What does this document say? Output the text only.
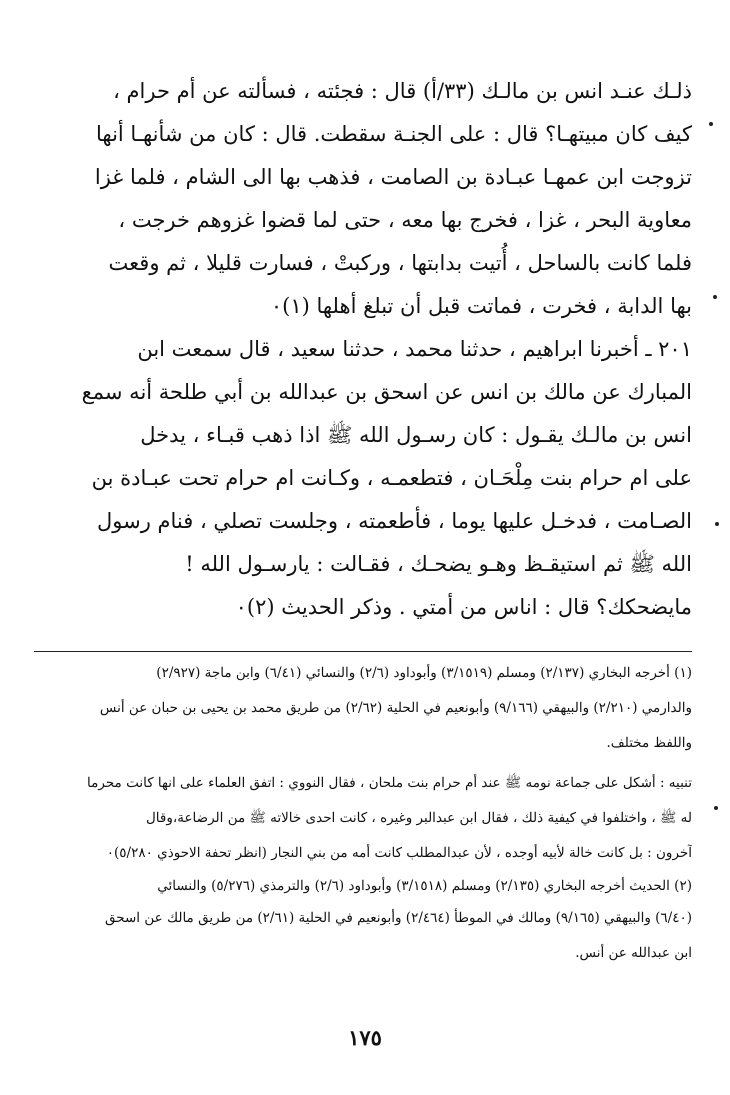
ذلـك عنـد انس بن مالـك (٣٣/أ) قال : فجئته ، فسألته عن أم حرام ،
كيف كان مبيتهـا؟ قال : على الجنـة سقطت. قال : كان من شأنهـا أنها
تزوجت ابن عمهـا عبـادة بن الصامت ، فذهب بها الى الشام ، فلما غزا
معاوية البحر ، غزا ، فخرج بها معه ، حتى لما قضوا غزوهم خرجت ،
فلما كانت بالساحل ، أُتيت بدابتها ، وركبتْ ، فسارت قليلا ، ثم وقعت
بها الدابة ، فخرت ، فماتت قبل أن تبلغ أهلها (١)٠
٢٠١ ـ أخبرنا ابراهيم ، حدثنا محمد ، حدثنا سعيد ، قال سمعت ابن
المبارك عن مالك بن انس عن اسحق بن عبدالله بن أبي طلحة أنه سمع
انس بن مالـك يقـول : كان رسـول الله ﷺ اذا ذهب قبـاء ، يدخل
على ام حرام بنت مِلْحَـان ، فتطعمـه ، وكـانت ام حرام تحت عبـادة بن
الصـامت ، فدخـل عليها يوما ، فأطعمته ، وجلست تصلي ، فنام رسول
الله ﷺ ثم استيقـظ وهـو يضحـك ، فقـالت : يارسـول الله !
مايضحكك؟ قال : اناس من أمتي . وذكر الحديث (٢)٠
(١) أخرجه البخاري (٢/١٣٧) ومسلم (٣/١٥١٩) وأبوداود (٢/٦) والنسائي (٦/٤١) وابن ماجة (٢/٩٢٧)
والدارمي (٢/٢١٠) والبيهقي (٩/١٦٦) وأبونعيم في الحلية (٢/٦٢) من طريق محمد بن يحيى بن حبان عن أنس
واللفظ مختلف.
تنبيه : أشكل على جماعة نومه ﷺ عند أم حرام بنت ملحان ، فقال النووي : اتفق العلماء على انها كانت محرما
له ﷺ ، واختلفوا في كيفية ذلك ، فقال ابن عبدالبر وغيره ، كانت احدى خالاته ﷺ من الرضاعة،وقال
آخرون : بل كانت خالة لأبيه أوجده ، لأن عبدالمطلب كانت أمه من بني النجار (انظر تحفة الاحوذي ٥/٢٨٠)٠
(٢) الحديث أخرجه البخاري (٢/١٣٥) ومسلم (٣/١٥١٨) وأبوداود (٢/٦) والترمذي (٥/٢٧٦) والنسائي
(٦/٤٠) والبيهقي (٩/١٦٥) ومالك في الموطأ (٢/٤٦٤) وأبونعيم في الحلية (٢/٦١) من طريق مالك عن اسحق
ابن عبدالله عن أنس.
١٧٥
